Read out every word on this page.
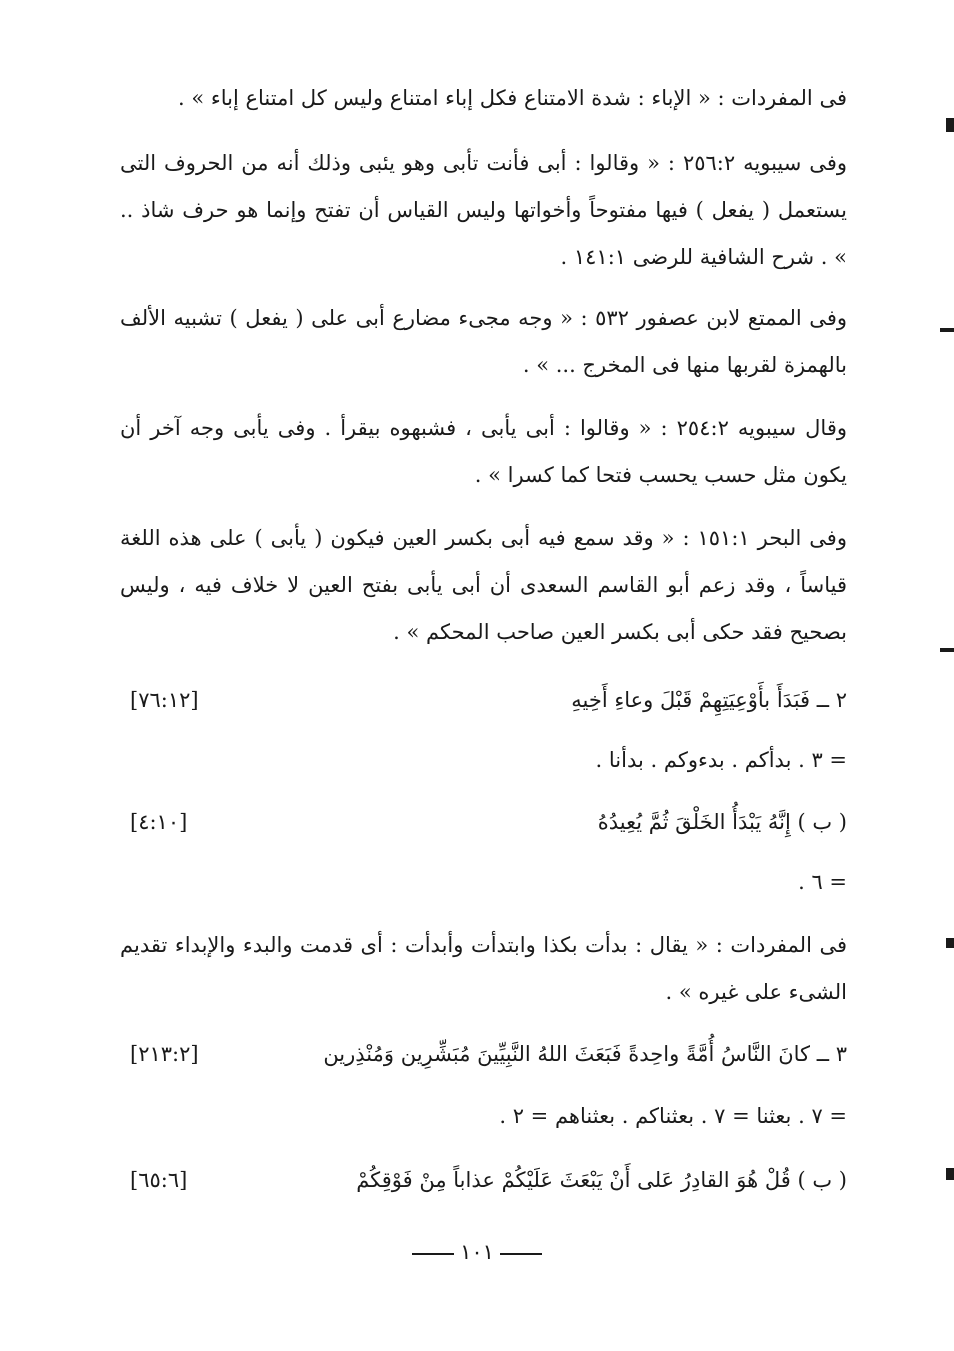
فى المفردات : « الإباء : شدة الامتناع فكل إباء امتناع وليس كل امتناع إباء » .
وفى سيبويه ٢٥٦:٢ : « وقالوا : أبى فأنت تأبى وهو يئبى وذلك أنه من الحروف التى يستعمل ( يفعل ) فيها مفتوحاً وأخواتها وليس القياس أن تفتح وإنما هو حرف شاذ .. » . شرح الشافية للرضى ١٤١:١ .
وفى الممتع لابن عصفور ٥٣٢ : « وجه مجىء مضارع أبى على ( يفعل ) تشبيه الألف بالهمزة لقربها منها فى المخرج ... » .
وقال سيبويه ٢٥٤:٢ : « وقالوا : أبى يأبى ، فشبهوه بيقرأ . وفى يأبى وجه آخر أن يكون مثل حسب يحسب فتحا كما كسرا » .
وفى البحر ١٥١:١ : « وقد سمع فيه أبى بكسر العين فيكون ( يأبى ) على هذه اللغة قياساً ، وقد زعم أبو القاسم السعدى أن أبى يأبى بفتح العين لا خلاف فيه ، وليس بصحيح فقد حكى أبى بكسر العين صاحب المحكم » .
٢ ــ فَبَدَأَ بأَوْعِيَتِهِمْ قَبْلَ وعاءِ أَخِيهِ
[٧٦:١٢]
= ٣ . بدأكم . بدءوكم . بدأنا .
( ب ) إِنَّهُ يَبْدَأُ الخَلْقَ ثُمَّ يُعِيدُهُ
[٤:١٠]
= ٦ .
فى المفردات : « يقال : بدأت بكذا وابتدأت وأبدأت : أى قدمت والبدء والإبداء تقديم الشىء على غيره » .
٣ ــ كانَ النَّاسُ أُمَّةً واحِدةً فَبَعَثَ اللهُ النَّبِيِّينَ مُبَشِّرِين وَمُنْذِرين
[٢١٣:٢]
= ٧ . بعثنا = ٧ . بعثناكم . بعثناهم = ٢ .
( ب ) قُلْ هُوَ القادِرُ عَلى أَنْ يَبْعَثَ عَلَيْكُمْ عذاباً مِنْ فَوْقِكُمْ
[٦٥:٦]
١٠١
